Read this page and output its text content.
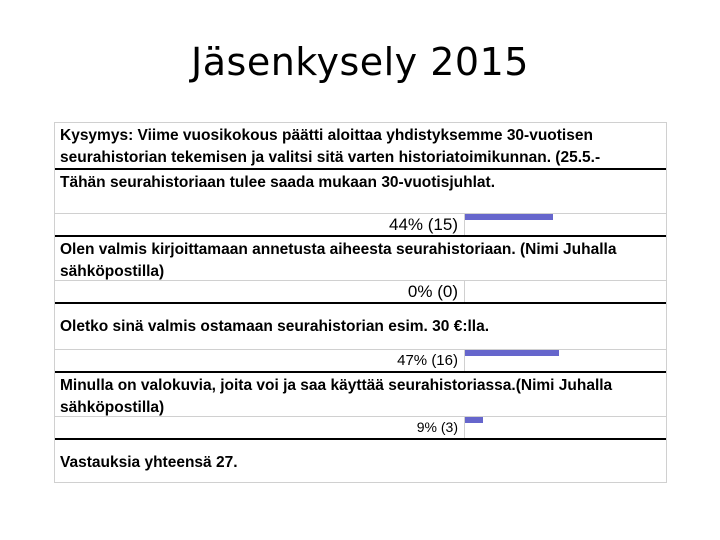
Jäsenkysely 2015
Kysymys: Viime vuosikokous päätti aloittaa yhdistyksemme 30-vuotisen seurahistorian tekemisen ja valitsi sitä varten historiatoimikunnan. (25.5.-
Tähän seurahistoriaan tulee saada mukaan 30-vuotisjuhlat.
44% (15)
Olen valmis kirjoittamaan annetusta aiheesta seurahistoriaan. (Nimi Juhalla sähköpostilla)
0% (0)
Oletko sinä valmis ostamaan seurahistorian esim. 30 €:lla.
47% (16)
Minulla on valokuvia, joita voi ja saa käyttää seurahistoriassa.(Nimi Juhalla sähköpostilla)
9% (3)
Vastauksia yhteensä 27.
